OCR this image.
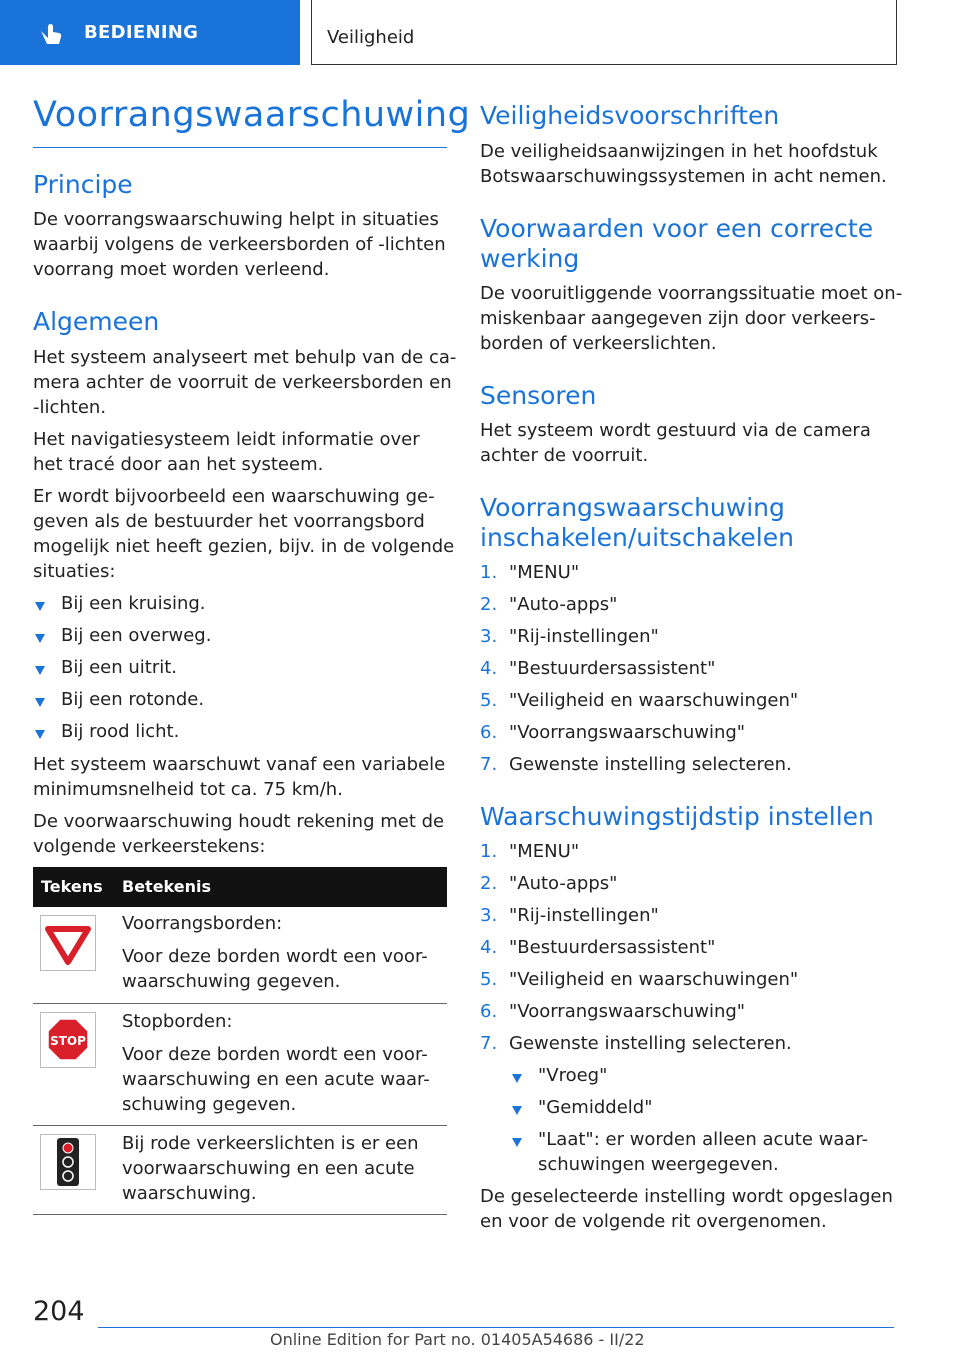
BEDIENING	Veiligheid
Voorrangswaarschuwing
Principe
De voorrangswaarschuwing helpt in situaties
waarbij volgens de verkeersborden of -lichten
voorrang moet worden verleend.
Algemeen
Het systeem analyseert met behulp van de ca-
mera achter de voorruit de verkeersborden en
-lichten.
Het navigatiesysteem leidt informatie over
het tracé door aan het systeem.
Er wordt bijvoorbeeld een waarschuwing ge-
geven als de bestuurder het voorrangsbord
mogelijk niet heeft gezien, bijv. in de volgende
situaties:
Bij een kruising.
Bij een overweg.
Bij een uitrit.
Bij een rotonde.
Bij rood licht.
Het systeem waarschuwt vanaf een variabele
minimumsnelheid tot ca. 75 km/h.
De voorwaarschuwing houdt rekening met de
volgende verkeerstekens:
Tekens Betekenis
Voorrangsborden:
Voor deze borden wordt een voor-
waarschuwing gegeven.
STOP
Stopborden:
Voor deze borden wordt een voor-
waarschuwing en een acute waar-
schuwing gegeven.
Bij rode verkeerslichten is er een
voorwaarschuwing en een acute
waarschuwing.
Veiligheidsvoorschriften
De veiligheidsaanwijzingen in het hoofdstuk
Botswaarschuwingssystemen in acht nemen.
Voorwaarden voor een correcte
werking
De vooruitliggende voorrangssituatie moet on-
miskenbaar aangegeven zijn door verkeers-
borden of verkeerslichten.
Sensoren
Het systeem wordt gestuurd via de camera
achter de voorruit.
Voorrangswaarschuwing
inschakelen/uitschakelen
1. "MENU"
2. "Auto-apps"
3. "Rij-instellingen"
4. "Bestuurdersassistent"
5. "Veiligheid en waarschuwingen"
6. "Voorrangswaarschuwing"
7. Gewenste instelling selecteren.
Waarschuwingstijdstip instellen
1. "MENU"
2. "Auto-apps"
3. "Rij-instellingen"
4. "Bestuurdersassistent"
5. "Veiligheid en waarschuwingen"
6. "Voorrangswaarschuwing"
7. Gewenste instelling selecteren.
"Vroeg"
"Gemiddeld"
"Laat": er worden alleen acute waar-
schuwingen weergegeven.
De geselecteerde instelling wordt opgeslagen
en voor de volgende rit overgenomen.
204
Online Edition for Part no. 01405A54686 - II/22
